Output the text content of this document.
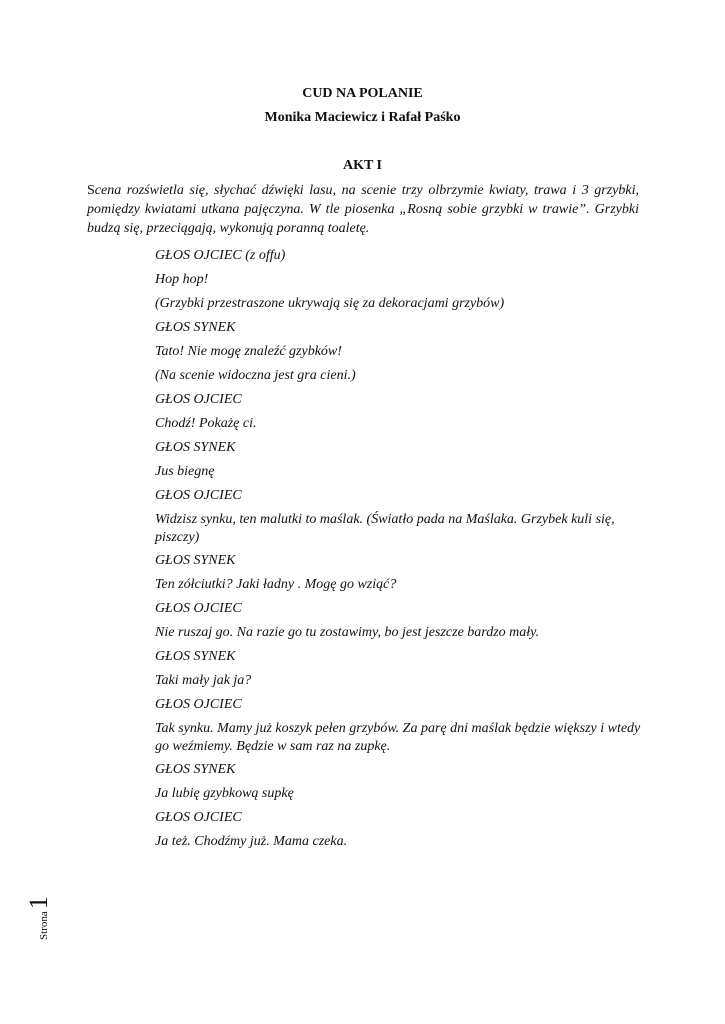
CUD NA POLANIE
Monika Maciewicz i Rafał Paśko
AKT I
Scena rozświetla się, słychać dźwięki lasu, na scenie trzy olbrzymie kwiaty, trawa i 3 grzybki, pomiędzy kwiatami utkana pajęczyna. W tle piosenka „Rosną sobie grzybki w trawie”. Grzybki budzą się, przeciągają, wykonują poranną toaletę.
GŁOS OJCIEC (z offu)
Hop hop!
(Grzybki przestraszone ukrywają się za dekoracjami grzybów)
GŁOS SYNEK
Tato! Nie mogę znaleźć gzybków!
(Na scenie widoczna jest gra cieni.)
GŁOS OJCIEC
Chodź! Pokażę ci.
GŁOS SYNEK
Jus biegnę
GŁOS OJCIEC
Widzisz synku, ten malutki to maślak. (Światło pada na Maślaka. Grzybek kuli się, piszczy)
GŁOS SYNEK
Ten zółciutki? Jaki ładny . Mogę go wziąć?
GŁOS OJCIEC
Nie ruszaj go. Na razie go tu zostawimy, bo jest jeszcze bardzo mały.
GŁOS SYNEK
Taki mały jak ja?
GŁOS OJCIEC
Tak synku. Mamy już koszyk pełen grzybów. Za parę dni maślak będzie większy i wtedy go weźmiemy. Będzie w sam raz na zupkę.
GŁOS SYNEK
Ja lubię gzybkową supkę
GŁOS OJCIEC
Ja też. Chodźmy już. Mama czeka.
Strona1
